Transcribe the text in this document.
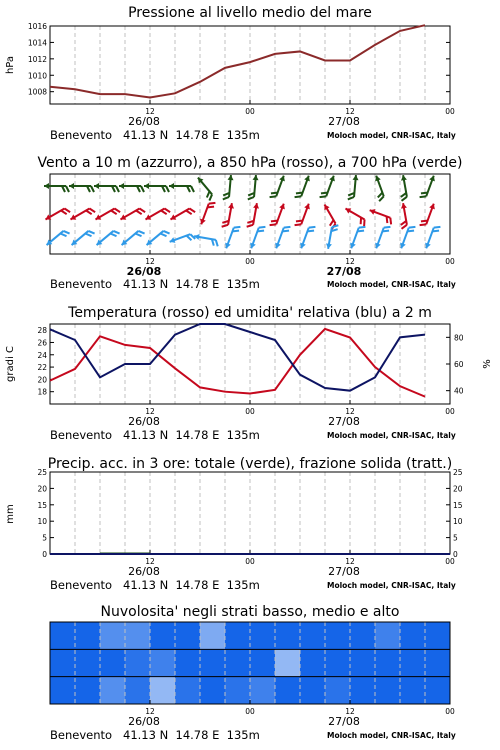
Pressione al livello medio del mare
12	00	12	00
26/08	27/08
1008
1010
1012
1014
1016
hPa
Benevento 41.13 N 14.78 E 135m	Moloch model, CNR-ISAC, Italy
Vento a 10 m (azzurro), a 850 hPa (rosso), a 700 hPa (verde)
12	00	12	00
26/08	27/08
Benevento 41.13 N 14.78 E 135m	Moloch model, CNR-ISAC, Italy
Temperatura (rosso) ed umidita' relativa (blu) a 2 m
12	00	12	00
26/08	27/08
18
20
22
24
26
28
40
60
80
gradi C	%
Benevento 41.13 N 14.78 E 135m	Moloch model, CNR-ISAC, Italy
Precip. acc. in 3 ore: totale (verde), frazione solida (tratt.)
12	00	12	00
26/08	27/08
0	0
5	5
10	10
15	15
20	20
25	25
mm
Benevento 41.13 N 14.78 E 135m	Moloch model, CNR-ISAC, Italy
Nuvolosita' negli strati basso, medio e alto
12	00	12	00
26/08	27/08
Benevento 41.13 N 14.78 E 135m	Moloch model, CNR-ISAC, Italy
